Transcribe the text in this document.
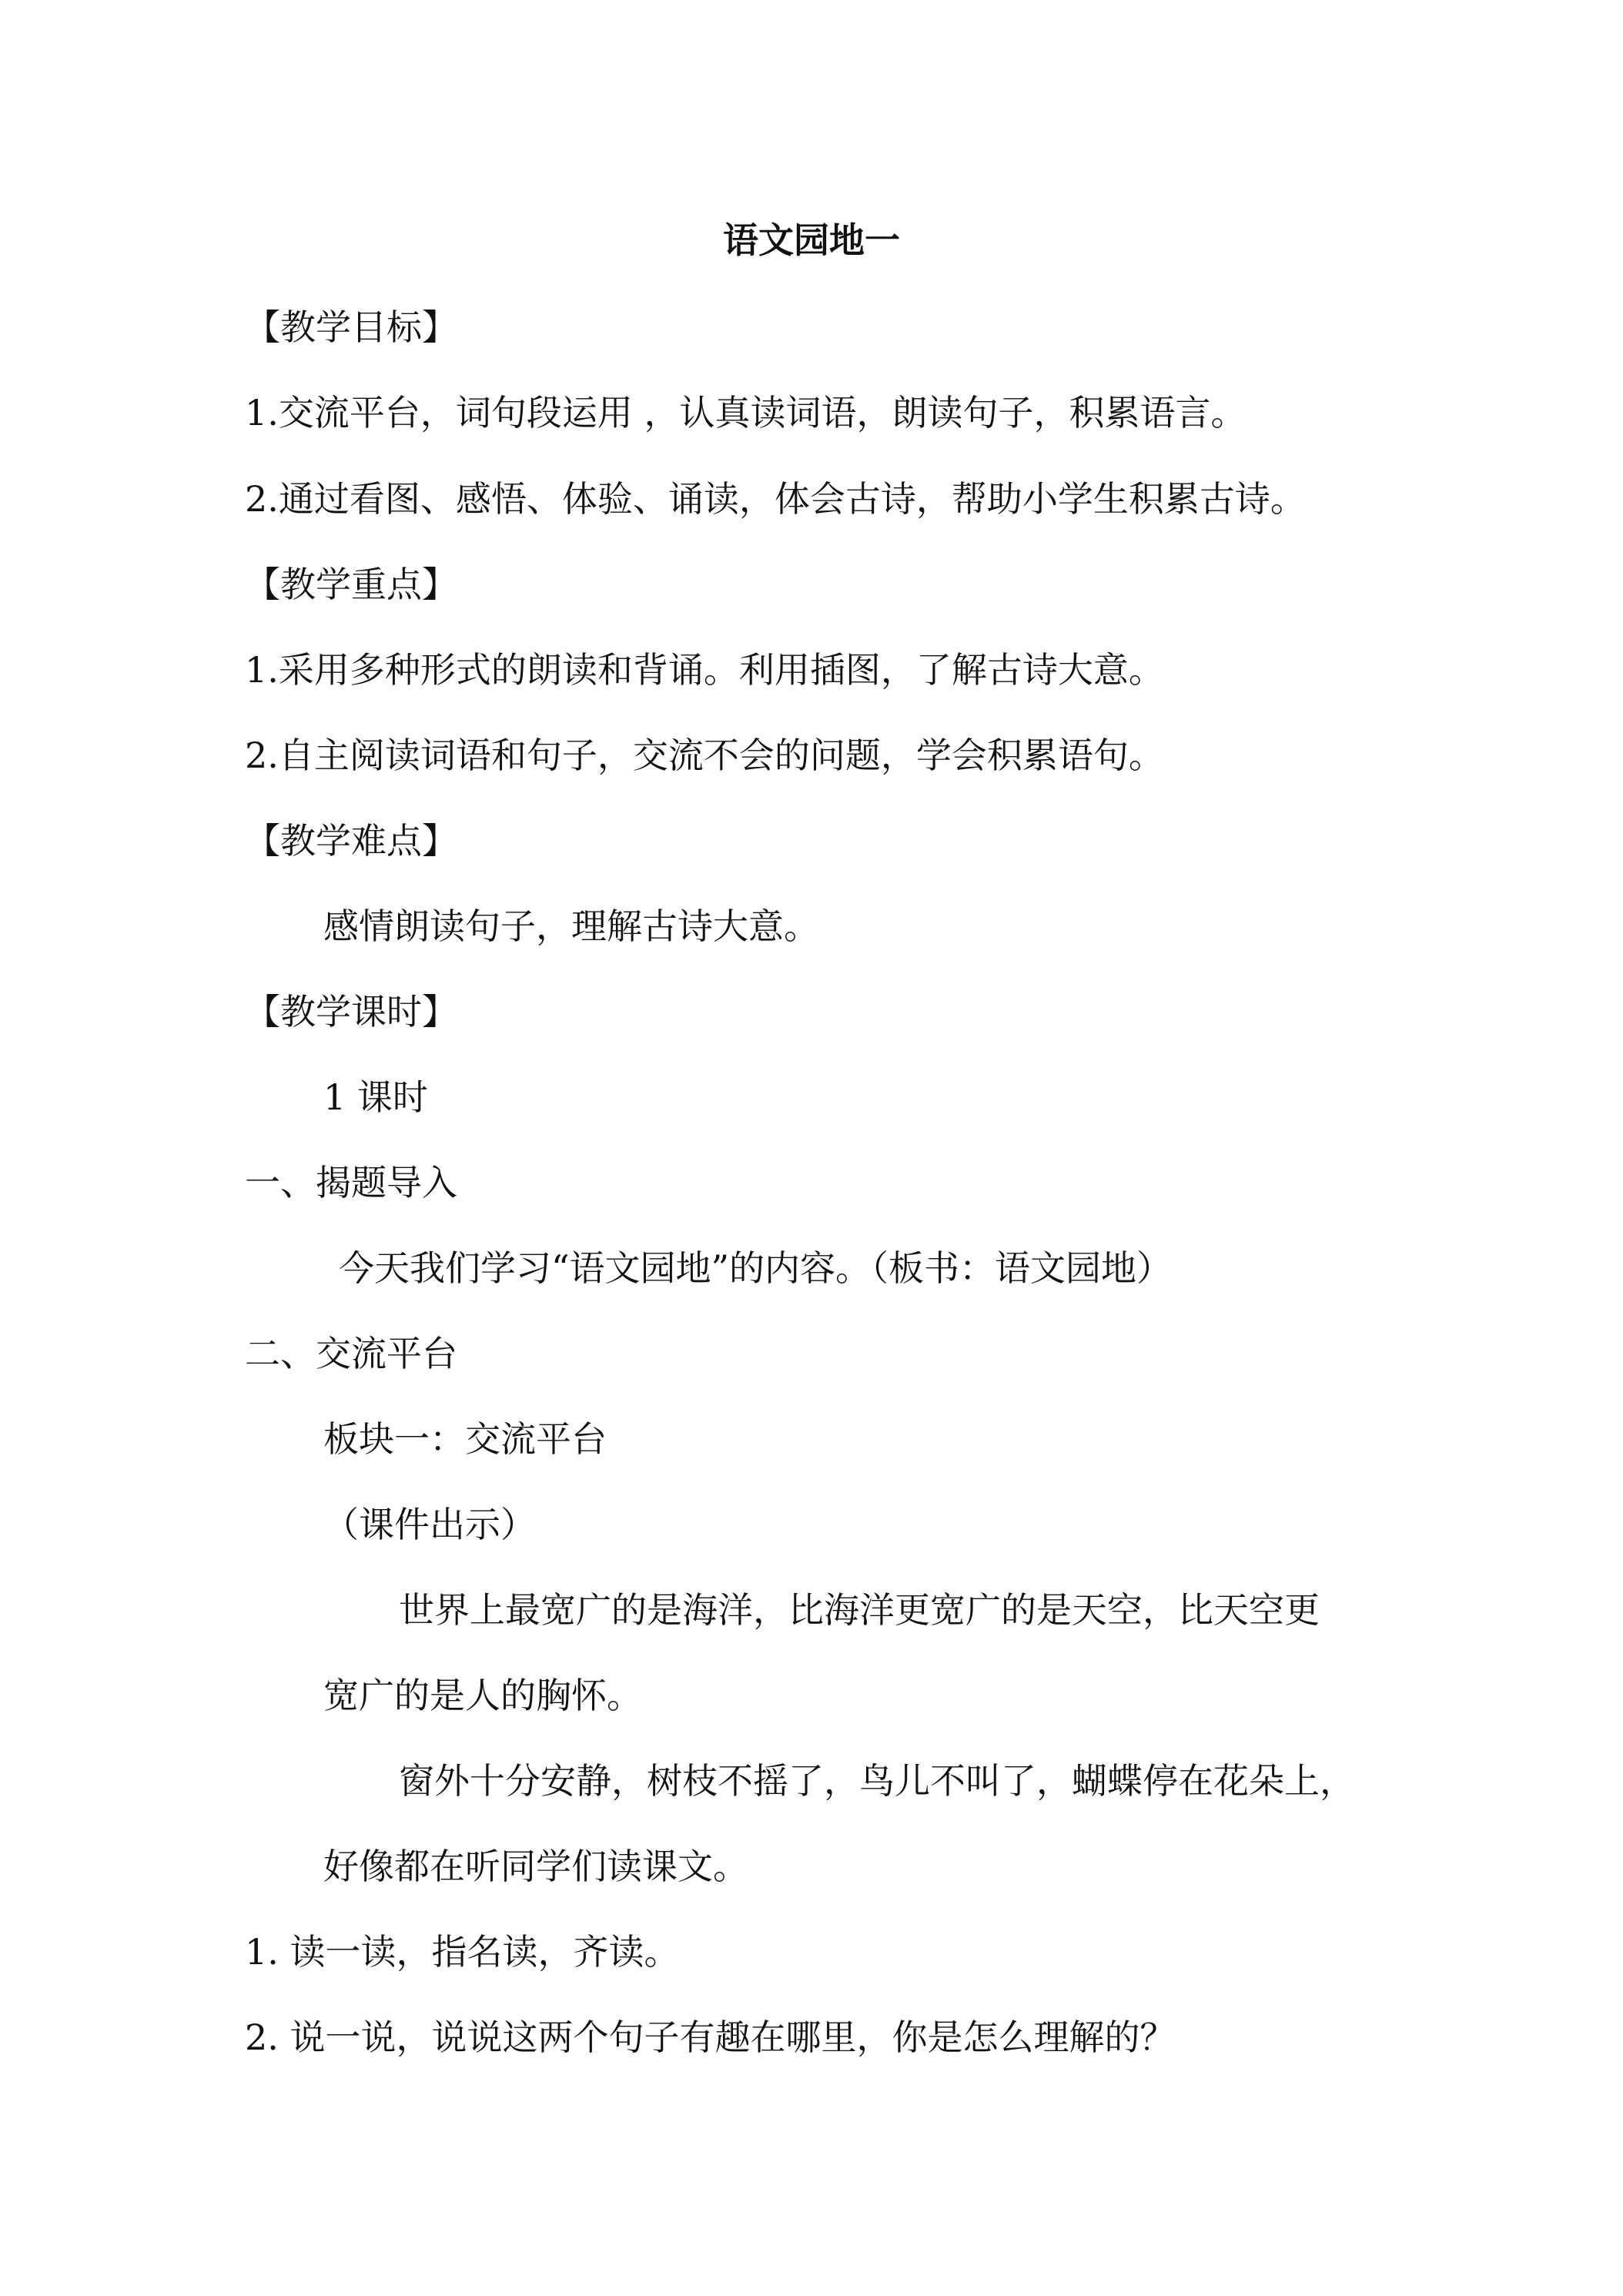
语文园地一

【教学目标】

1.交流平台，词句段运用 ，认真读词语，朗读句子，积累语言。

2.通过看图、感悟、体验、诵读，体会古诗，帮助小学生积累古诗。

【教学重点】

1.采用多种形式的朗读和背诵。利用插图，了解古诗大意。

2.自主阅读词语和句子，交流不会的问题，学会积累语句。

【教学难点】

感情朗读句子，理解古诗大意。

【教学课时】

1 课时

一、揭题导入

今天我们学习“语文园地”的内容。（板书：语文园地）

二、交流平台

板块一：交流平台

（课件出示）

世界上最宽广的是海洋，比海洋更宽广的是天空，比天空更

宽广的是人的胸怀。

窗外十分安静，树枝不摇了，鸟儿不叫了，蝴蝶停在花朵上，

好像都在听同学们读课文。

1. 读一读，指名读，齐读。

2. 说一说，说说这两个句子有趣在哪里，你是怎么理解的？
